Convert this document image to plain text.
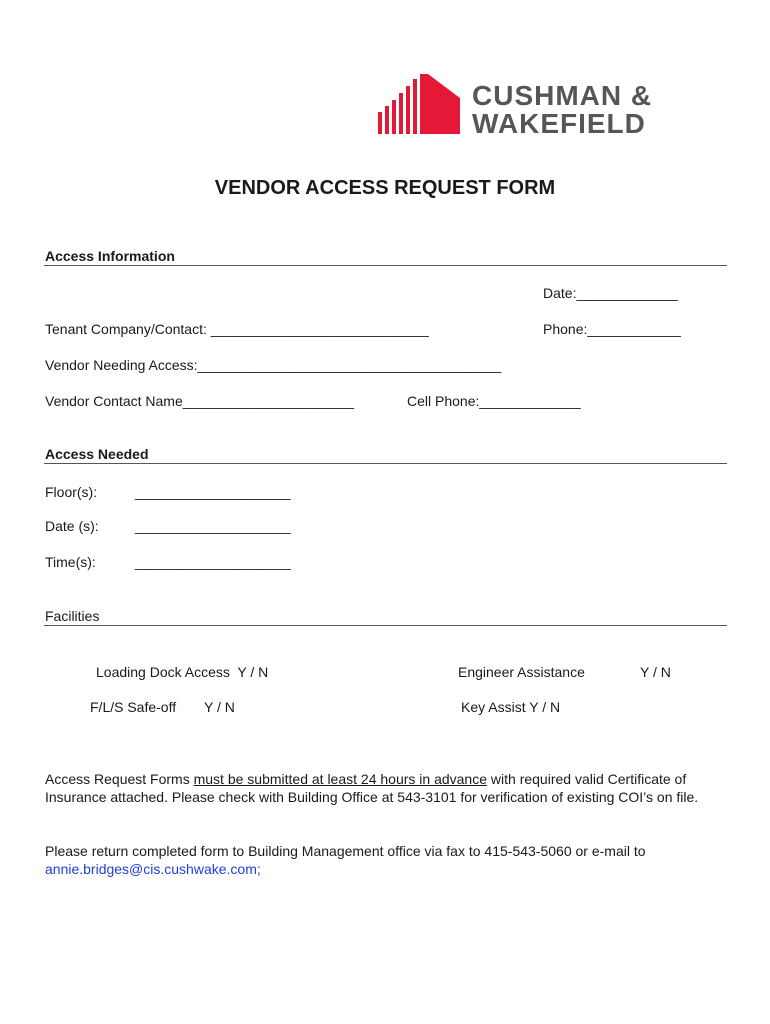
CUSHMAN &
WAKEFIELD
VENDOR ACCESS REQUEST FORM
Access Information
Date:_____________
Tenant Company/Contact: ____________________________	Phone:____________
Vendor Needing Access:_______________________________________
Vendor Contact Name______________________	Cell Phone:_____________
Access Needed
Floor(s):	____________________
Date (s):	____________________
Time(s):	____________________
Facilities
Loading Dock Access  Y / N	Engineer Assistance	Y / N
F/L/S Safe-off Y / N	Key Assist Y / N
Access Request Forms must be submitted at least 24 hours in advance with required valid Certificate of Insurance attached. Please check with Building Office at 543-3101 for verification of existing COI’s on file.
Please return completed form to Building Management office via fax to 415-543-5060 or e-mail to annie.bridges@cis.cushwake.com;
